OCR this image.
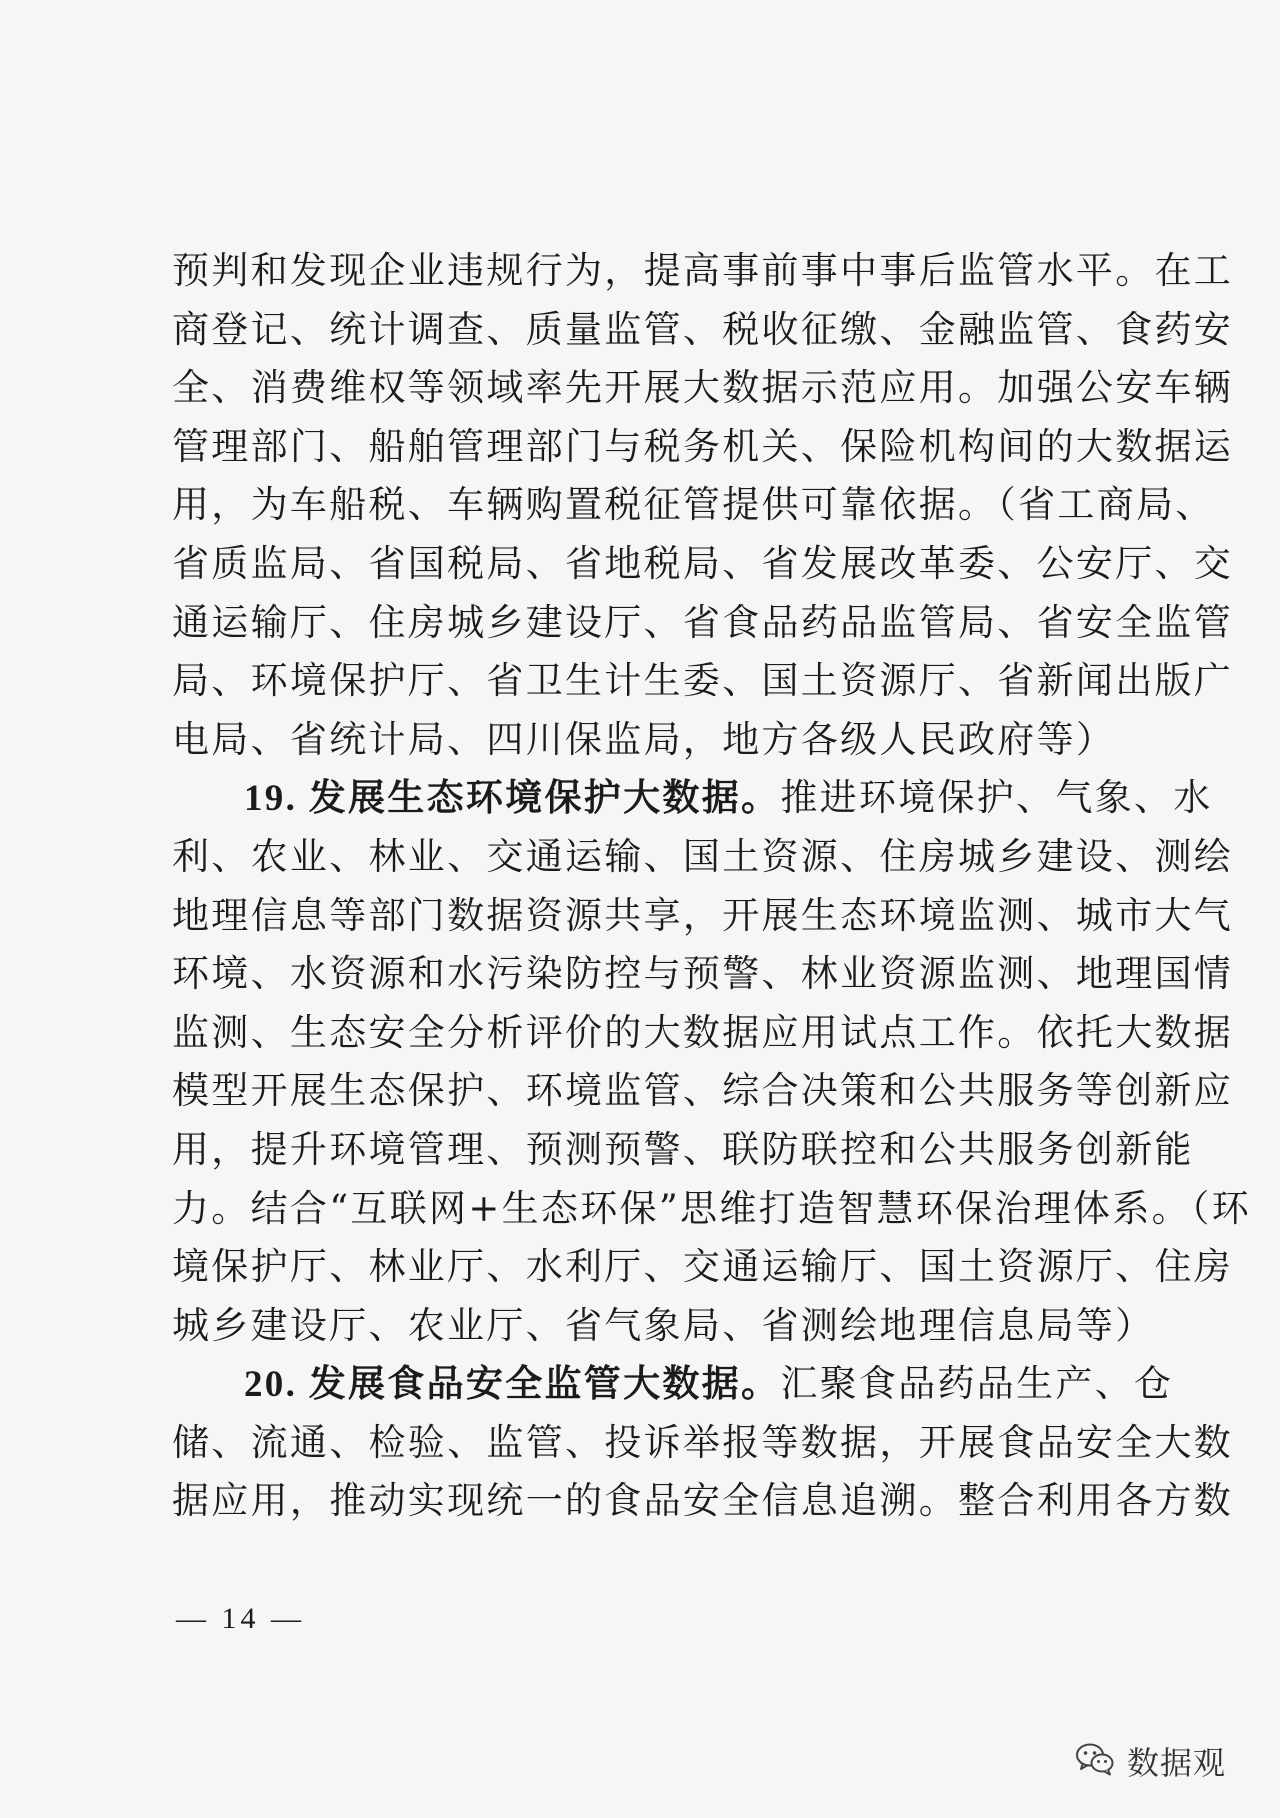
预判和发现企业违规行为，提高事前事中事后监管水平。在工
商登记、统计调查、质量监管、税收征缴、金融监管、食药安
全、消费维权等领域率先开展大数据示范应用。加强公安车辆
管理部门、船舶管理部门与税务机关、保险机构间的大数据运
用，为车船税、车辆购置税征管提供可靠依据。（省工商局、
省质监局、省国税局、省地税局、省发展改革委、公安厅、交
通运输厅、住房城乡建设厅、省食品药品监管局、省安全监管
局、环境保护厅、省卫生计生委、国土资源厅、省新闻出版广
电局、省统计局、四川保监局，地方各级人民政府等）
19. 发展生态环境保护大数据。推进环境保护、气象、水
利、农业、林业、交通运输、国土资源、住房城乡建设、测绘
地理信息等部门数据资源共享，开展生态环境监测、城市大气
环境、水资源和水污染防控与预警、林业资源监测、地理国情
监测、生态安全分析评价的大数据应用试点工作。依托大数据
模型开展生态保护、环境监管、综合决策和公共服务等创新应
用，提升环境管理、预测预警、联防联控和公共服务创新能
力。结合“互联网+生态环保”思维打造智慧环保治理体系。（环
境保护厅、林业厅、水利厅、交通运输厅、国土资源厅、住房
城乡建设厅、农业厅、省气象局、省测绘地理信息局等）
20. 发展食品安全监管大数据。汇聚食品药品生产、仓
储、流通、检验、监管、投诉举报等数据，开展食品安全大数
据应用，推动实现统一的食品安全信息追溯。整合利用各方数
— 14 —
数据观
